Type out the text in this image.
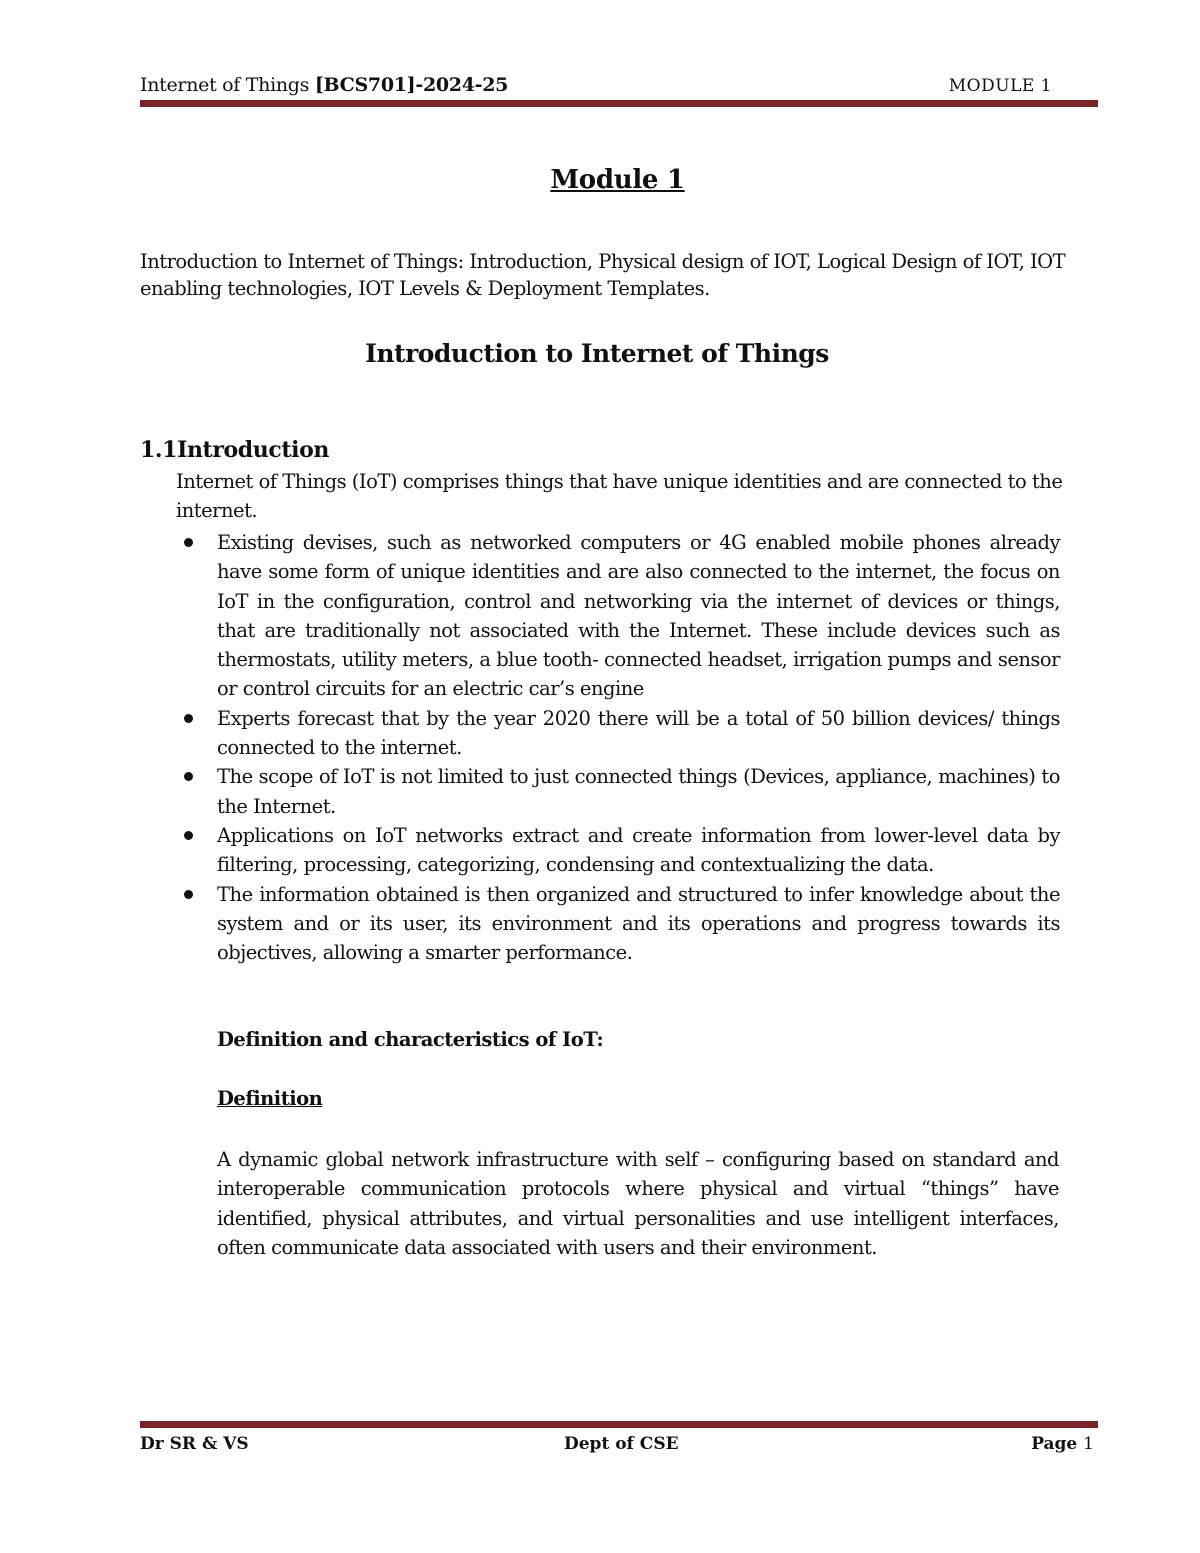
Internet of Things [BCS701]-2024-25	MODULE 1
Module 1
Introduction to Internet of Things: Introduction, Physical design of IOT, Logical Design of IOT, IOT enabling technologies, IOT Levels & Deployment Templates.
Introduction to Internet of Things
1.1Introduction
Internet of Things (IoT) comprises things that have unique identities and are connected to the internet.
Existing devises, such as networked computers or 4G enabled mobile phones already have some form of unique identities and are also connected to the internet, the focus on IoT in the configuration, control and networking via the internet of devices or things, that are traditionally not associated with the Internet. These include devices such as thermostats, utility meters, a blue tooth- connected headset, irrigation pumps and sensor or control circuits for an electric car’s engine
Experts forecast that by the year 2020 there will be a total of 50 billion devices/ things connected to the internet.
The scope of IoT is not limited to just connected things (Devices, appliance, machines) to the Internet.
Applications on IoT networks extract and create information from lower-level data by filtering, processing, categorizing, condensing and contextualizing the data.
The information obtained is then organized and structured to infer knowledge about the system and or its user, its environment and its operations and progress towards its objectives, allowing a smarter performance.
Definition and characteristics of IoT:
Definition
A dynamic global network infrastructure with self – configuring based on standard and interoperable communication protocols where physical and virtual “things” have identified, physical attributes, and virtual personalities and use intelligent interfaces, often communicate data associated with users and their environment.
Dr SR & VS	Dept of CSE	Page 1
